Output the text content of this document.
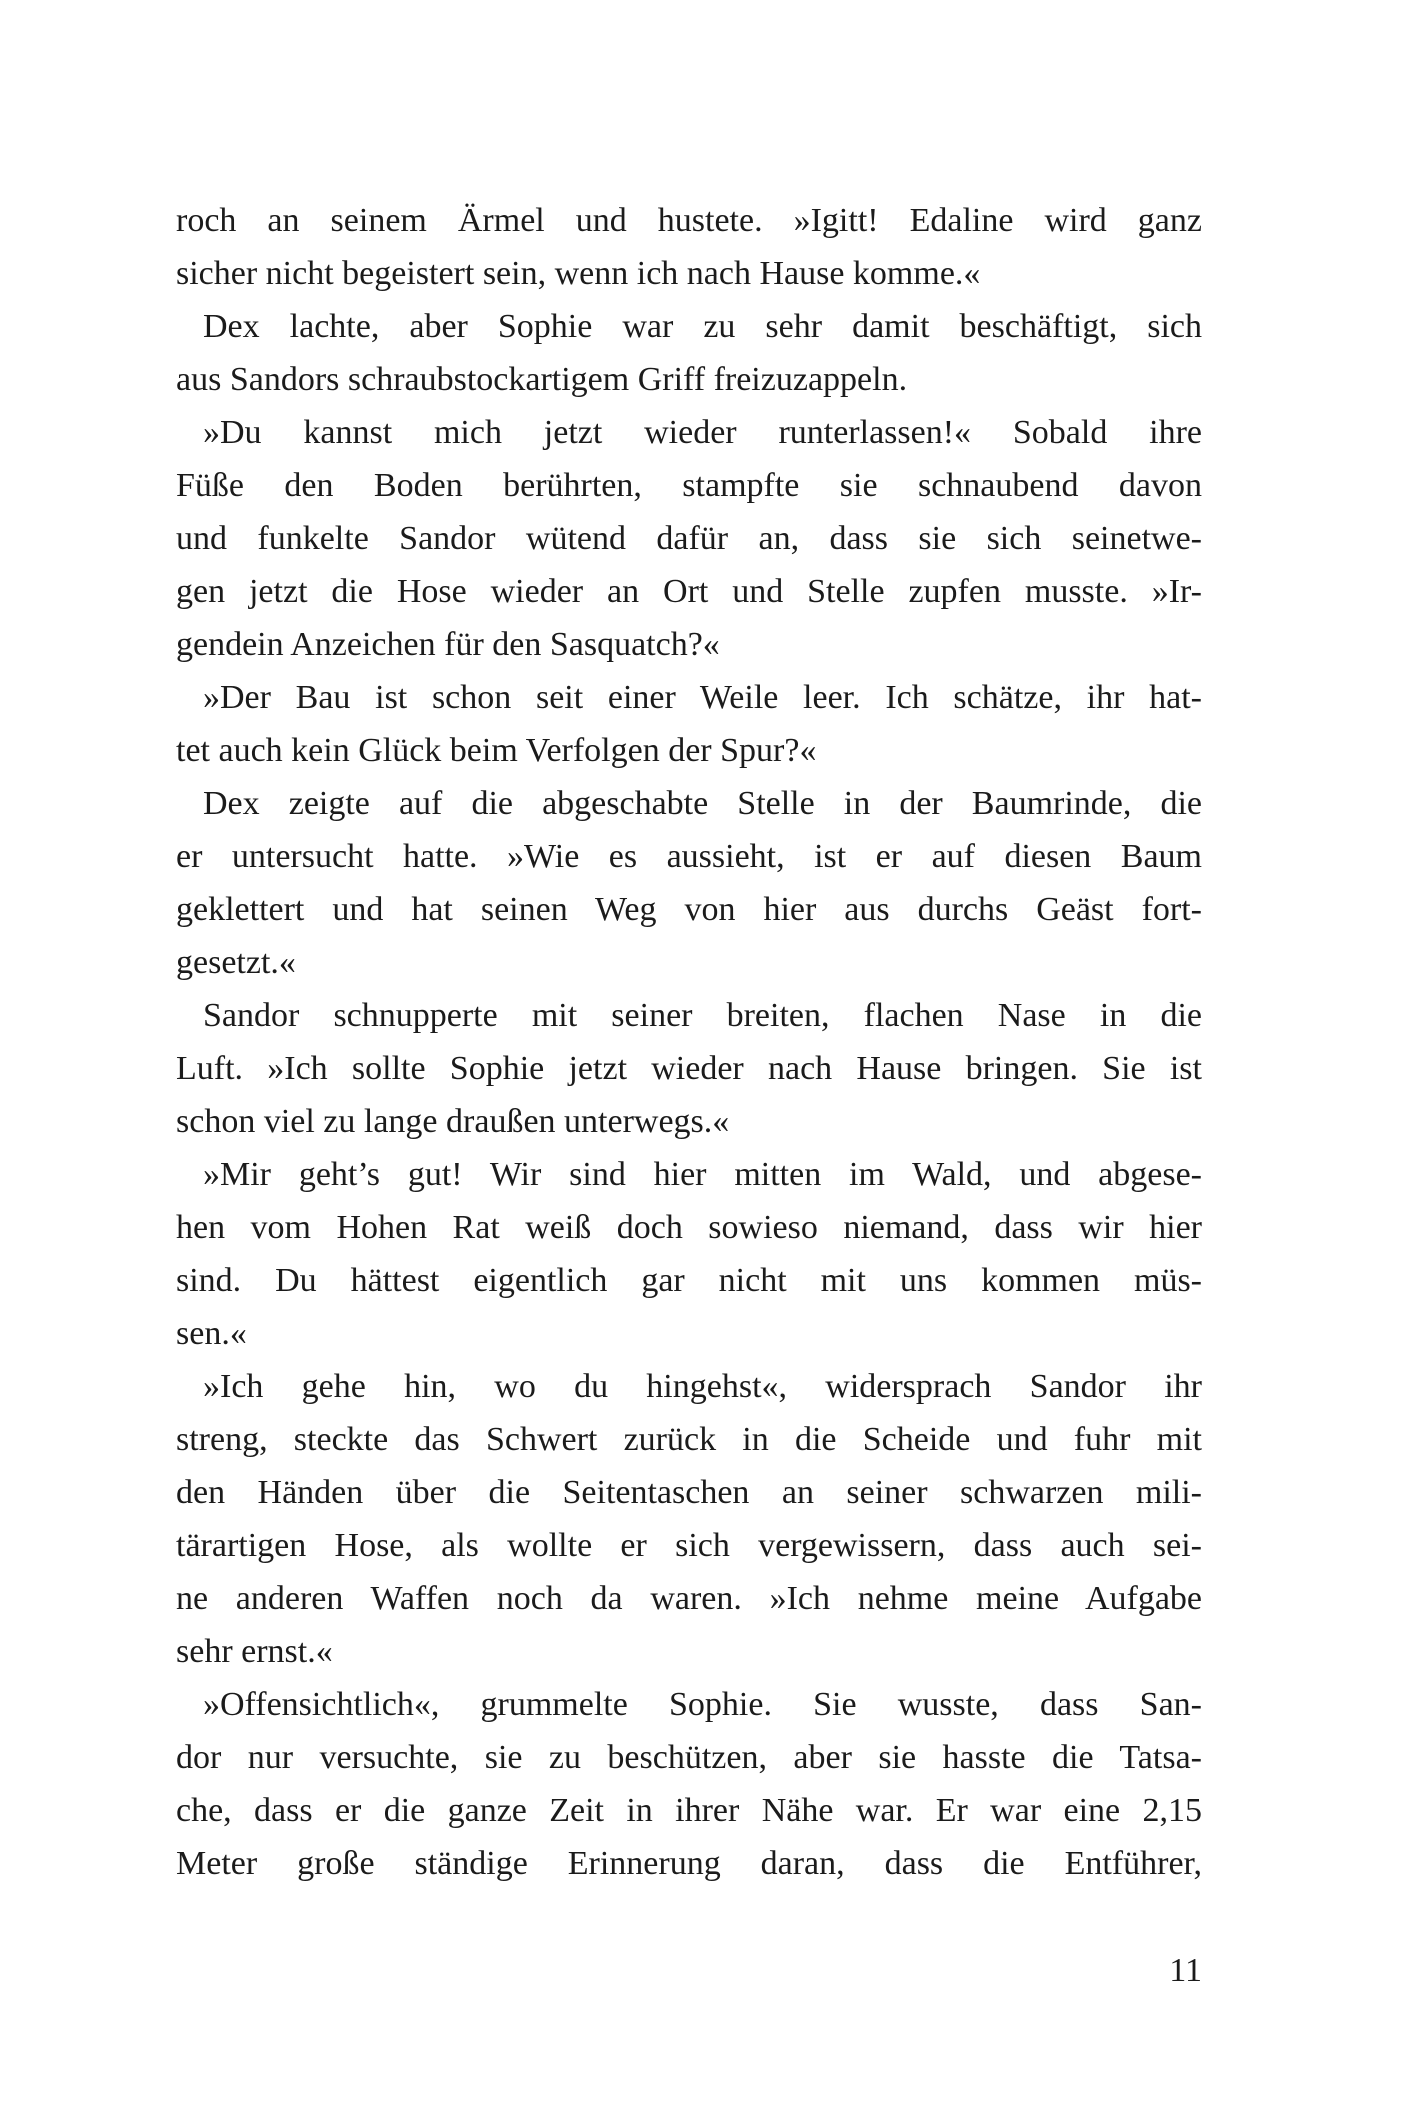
roch an seinem Ärmel und hustete. »Igitt! Edaline wird ganz
sicher nicht begeistert sein, wenn ich nach Hause komme.«
Dex lachte, aber Sophie war zu sehr damit beschäftigt, sich
aus Sandors schraubstockartigem Griff freizuzappeln.
»Du kannst mich jetzt wieder runterlassen!« Sobald ihre
Füße den Boden berührten, stampfte sie schnaubend davon
und funkelte Sandor wütend dafür an, dass sie sich seinetwe-
gen jetzt die Hose wieder an Ort und Stelle zupfen musste. »Ir-
gendein Anzeichen für den Sasquatch?«
»Der Bau ist schon seit einer Weile leer. Ich schätze, ihr hat-
tet auch kein Glück beim Verfolgen der Spur?«
Dex zeigte auf die abgeschabte Stelle in der Baumrinde, die
er untersucht hatte. »Wie es aussieht, ist er auf diesen Baum
geklettert und hat seinen Weg von hier aus durchs Geäst fort-
gesetzt.«
Sandor schnupperte mit seiner breiten, flachen Nase in die
Luft. »Ich sollte Sophie jetzt wieder nach Hause bringen. Sie ist
schon viel zu lange draußen unterwegs.«
»Mir geht’s gut! Wir sind hier mitten im Wald, und abgese-
hen vom Hohen Rat weiß doch sowieso niemand, dass wir hier
sind. Du hättest eigentlich gar nicht mit uns kommen müs-
sen.«
»Ich gehe hin, wo du hingehst«, widersprach Sandor ihr
streng, steckte das Schwert zurück in die Scheide und fuhr mit
den Händen über die Seitentaschen an seiner schwarzen mili-
tärartigen Hose, als wollte er sich vergewissern, dass auch sei-
ne anderen Waffen noch da waren. »Ich nehme meine Aufgabe
sehr ernst.«
»Offensichtlich«, grummelte Sophie. Sie wusste, dass San-
dor nur versuchte, sie zu beschützen, aber sie hasste die Tatsa-
che, dass er die ganze Zeit in ihrer Nähe war. Er war eine 2,15
Meter große ständige Erinnerung daran, dass die Entführer,
11
